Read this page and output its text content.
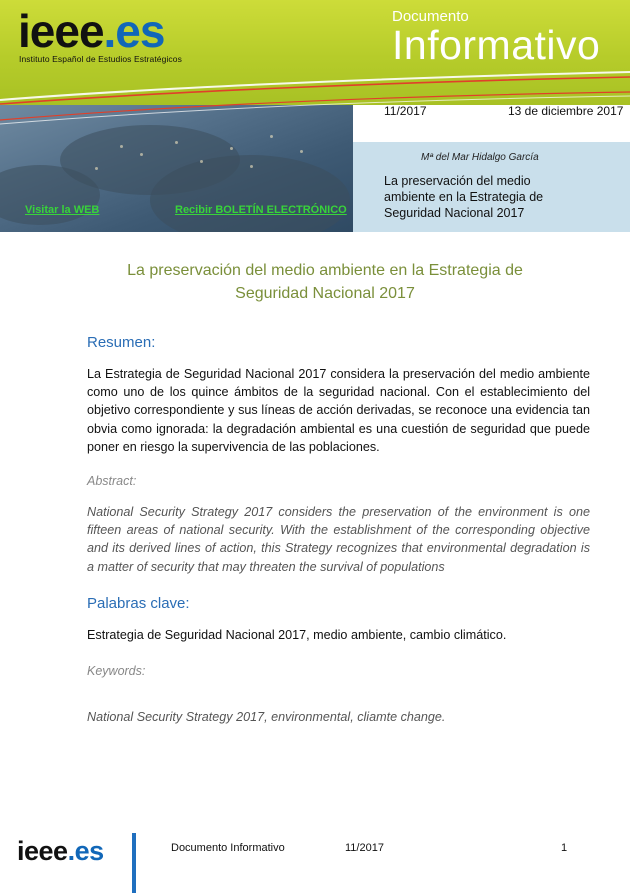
ieee.es
Instituto Español de Estudios Estratégicos
Documento
Informativo
11/2017	13 de diciembre 2017
Mª del Mar Hidalgo García
La preservación del medio ambiente en la Estrategia de Seguridad Nacional 2017
Visitar la WEB	Recibir BOLETÍN ELECTRÓNICO
La preservación del medio ambiente en la Estrategia de Seguridad Nacional 2017
Resumen:
La Estrategia de Seguridad Nacional 2017 considera la preservación del medio ambiente como uno de los quince ámbitos de la seguridad nacional. Con el establecimiento del objetivo correspondiente y sus líneas de acción derivadas, se reconoce una evidencia tan obvia como ignorada: la degradación ambiental es una cuestión de seguridad que puede poner en riesgo la supervivencia de las poblaciones.
Abstract:
National Security Strategy 2017 considers the preservation of the environment is one fifteen areas of national security. With the establishment of the corresponding objective and its derived lines of action, this Strategy recognizes that environmental degradation is a matter of security that may threaten the survival of populations
Palabras clave:
Estrategia de Seguridad Nacional 2017, medio ambiente, cambio climático.
Keywords:
National Security Strategy 2017, environmental, cliamte change.
ieee.es	Documento Informativo	11/2017	1
